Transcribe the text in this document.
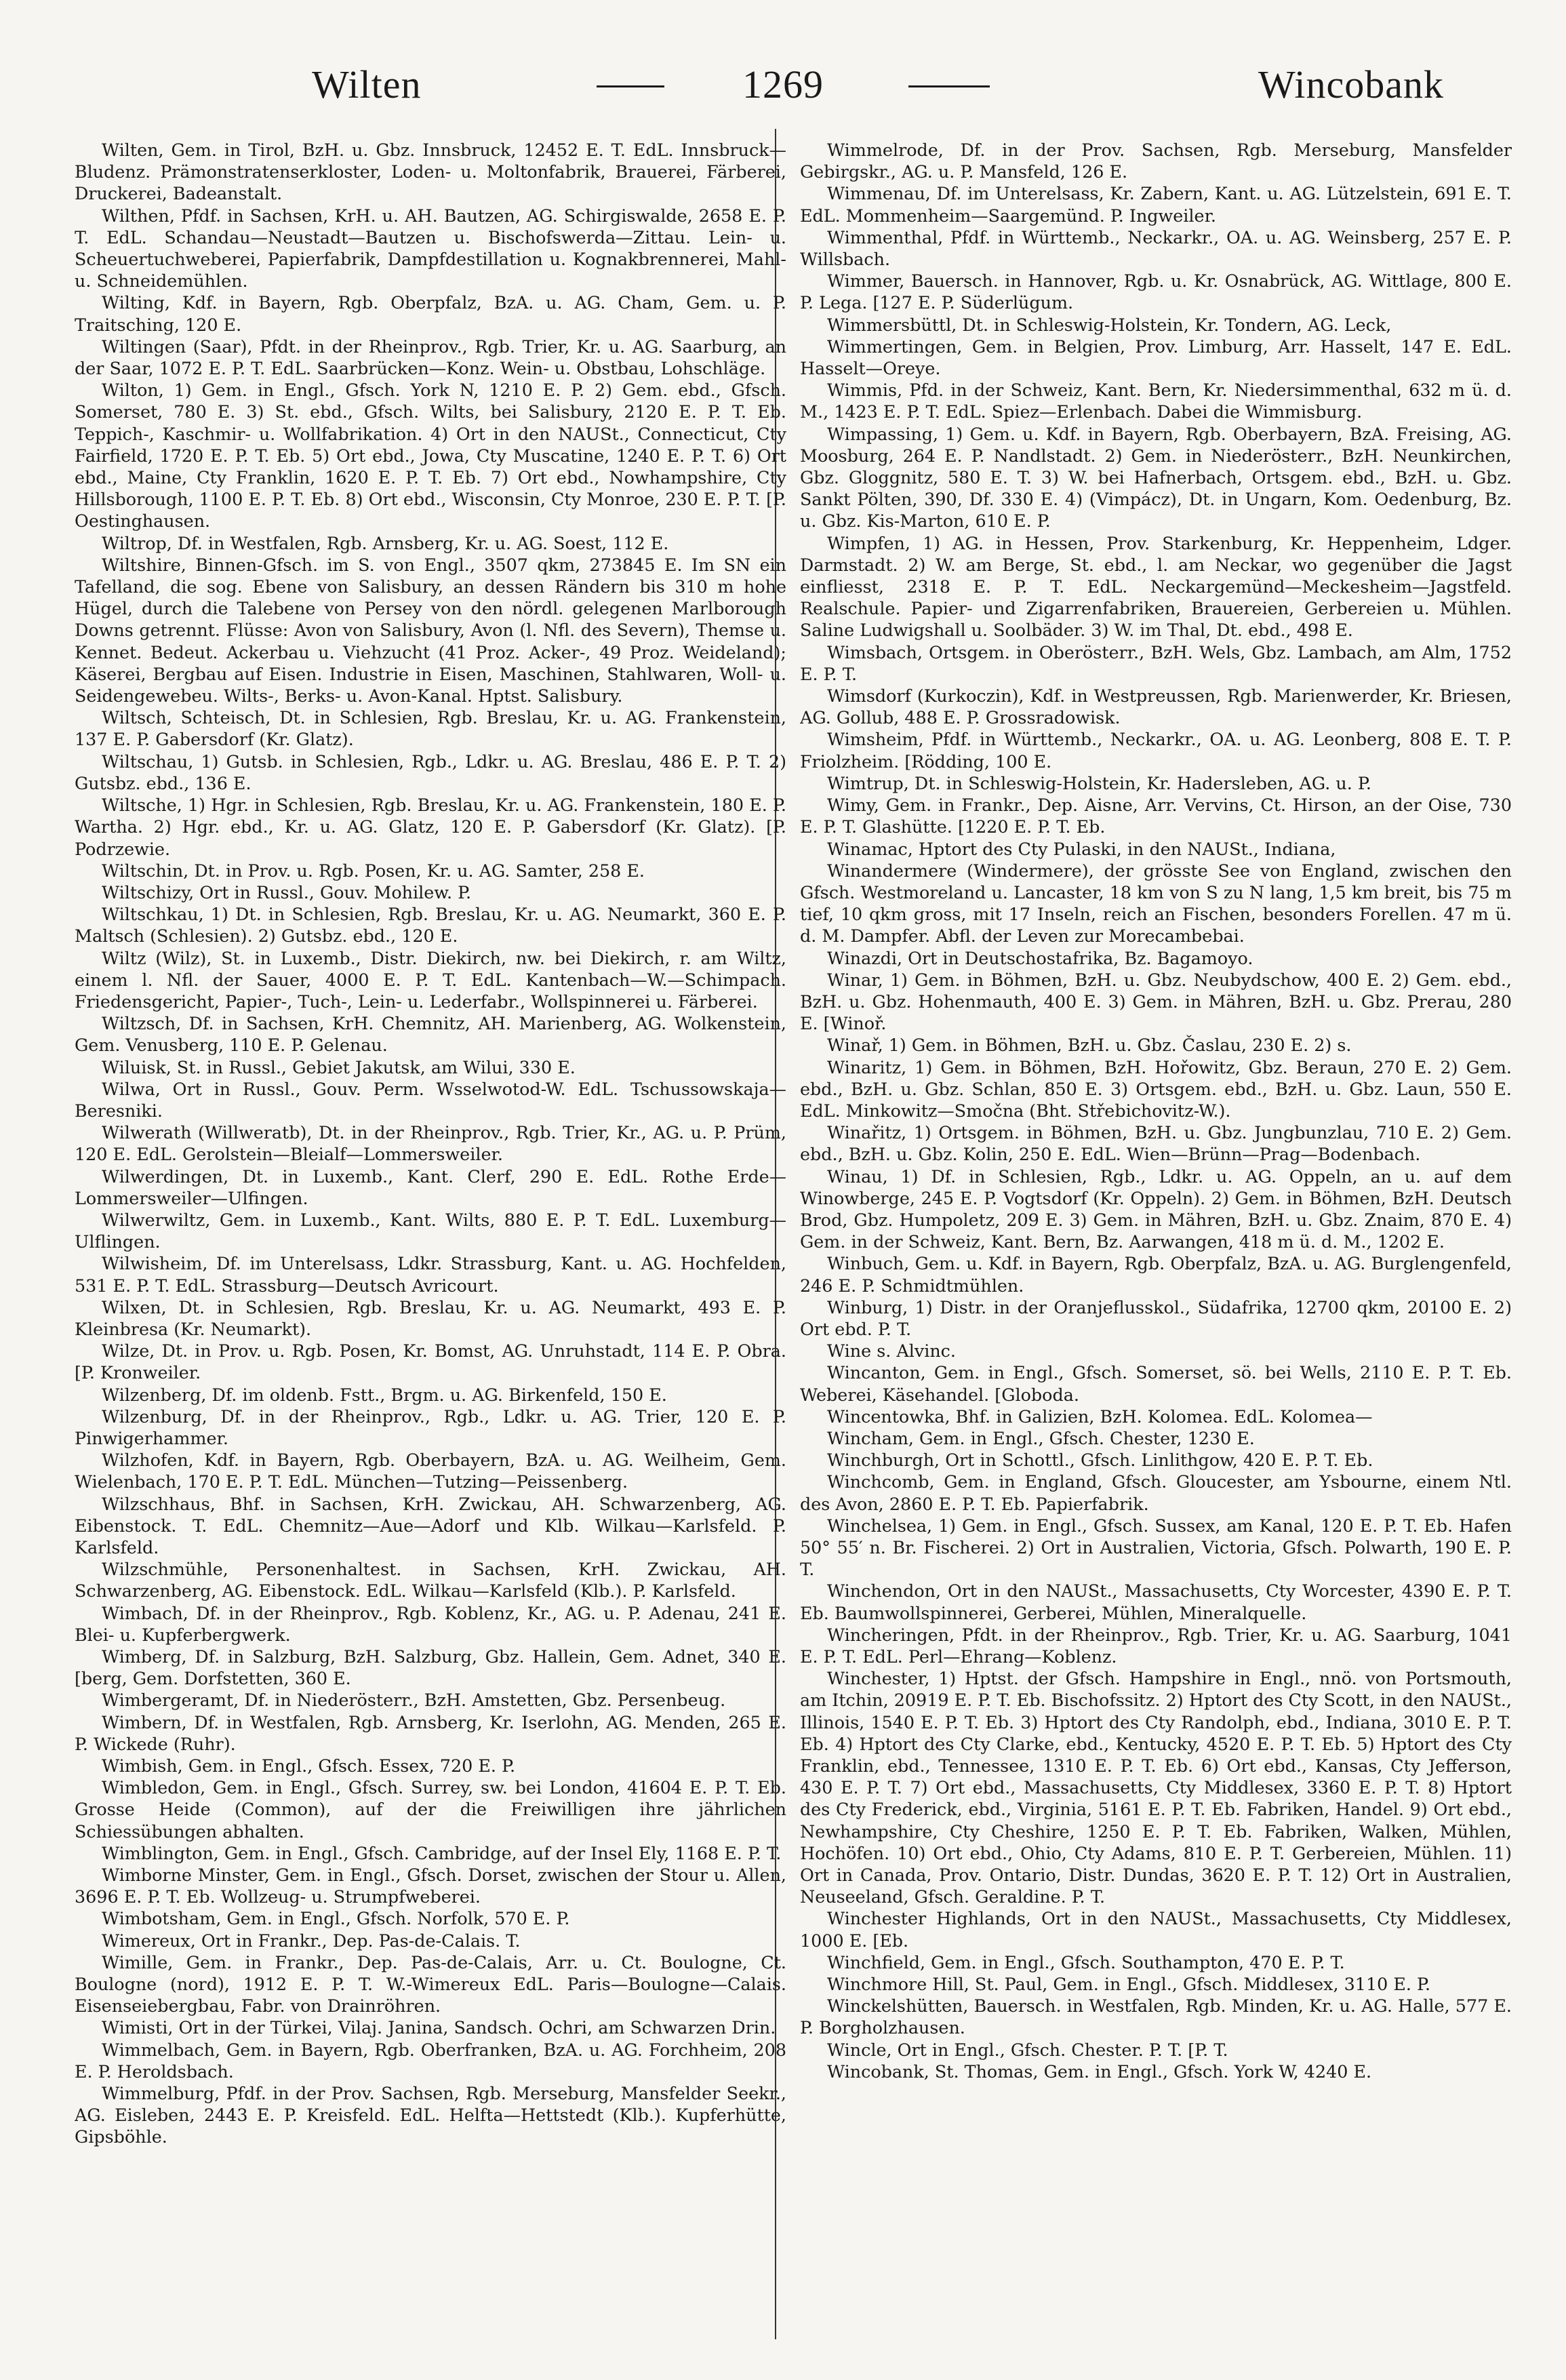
Wilten	1269	Wincobank

Wilten, Gem. in Tirol, BzH. u. Gbz. Innsbruck, 12452 E. T. EdL. Innsbruck—Bludenz. Prämonstratenserkloster, Loden- u. Moltonfabrik, Brauerei, Färberei, Druckerei, Badeanstalt.

Wilthen, Pfdf. in Sachsen, KrH. u. AH. Bautzen, AG. Schirgiswalde, 2658 E. P. T. EdL. Schandau—Neustadt—Bautzen u. Bischofswerda—Zittau. Lein- u. Scheuertuchweberei, Papierfabrik, Dampfdestillation u. Kognakbrennerei, Mahl- u. Schneidemühlen.

Wilting, Kdf. in Bayern, Rgb. Oberpfalz, BzA. u. AG. Cham, Gem. u. P. Traitsching, 120 E.

Wiltingen (Saar), Pfdt. in der Rheinprov., Rgb. Trier, Kr. u. AG. Saarburg, an der Saar, 1072 E. P. T. EdL. Saarbrücken—Konz. Wein- u. Obstbau, Lohschläge.

Wilton, 1) Gem. in Engl., Gfsch. York N, 1210 E. P. 2) Gem. ebd., Gfsch. Somerset, 780 E. 3) St. ebd., Gfsch. Wilts, bei Salisbury, 2120 E. P. T. Eb. Teppich-, Kaschmir- u. Wollfabrikation. 4) Ort in den NAUSt., Connecticut, Cty Fairfield, 1720 E. P. T. Eb. 5) Ort ebd., Jowa, Cty Muscatine, 1240 E. P. T. 6) Ort ebd., Maine, Cty Franklin, 1620 E. P. T. Eb. 7) Ort ebd., Nowhampshire, Cty Hillsborough, 1100 E. P. T. Eb. 8) Ort ebd., Wisconsin, Cty Monroe, 230 E. P. T. [P. Oestinghausen.

Wiltrop, Df. in Westfalen, Rgb. Arnsberg, Kr. u. AG. Soest, 112 E.

Wiltshire, Binnen-Gfsch. im S. von Engl., 3507 qkm, 273845 E. Im SN ein Tafelland, die sog. Ebene von Salisbury, an dessen Rändern bis 310 m hohe Hügel, durch die Talebene von Persey von den nördl. gelegenen Marlborough Downs getrennt. Flüsse: Avon von Salisbury, Avon (l. Nfl. des Severn), Themse u. Kennet. Bedeut. Ackerbau u. Viehzucht (41 Proz. Acker-, 49 Proz. Weideland); Käserei, Bergbau auf Eisen. Industrie in Eisen, Maschinen, Stahlwaren, Woll- u. Seidengewebeu. Wilts-, Berks- u. Avon-Kanal. Hptst. Salisbury.

Wiltsch, Schteisch, Dt. in Schlesien, Rgb. Breslau, Kr. u. AG. Frankenstein, 137 E. P. Gabersdorf (Kr. Glatz).

Wiltschau, 1) Gutsb. in Schlesien, Rgb., Ldkr. u. AG. Breslau, 486 E. P. T. 2) Gutsbz. ebd., 136 E.

Wiltsche, 1) Hgr. in Schlesien, Rgb. Breslau, Kr. u. AG. Frankenstein, 180 E. P. Wartha. 2) Hgr. ebd., Kr. u. AG. Glatz, 120 E. P. Gabersdorf (Kr. Glatz). [P. Podrzewie.

Wiltschin, Dt. in Prov. u. Rgb. Posen, Kr. u. AG. Samter, 258 E.

Wiltschizy, Ort in Russl., Gouv. Mohilew. P.

Wiltschkau, 1) Dt. in Schlesien, Rgb. Breslau, Kr. u. AG. Neumarkt, 360 E. P. Maltsch (Schlesien). 2) Gutsbz. ebd., 120 E.

Wiltz (Wilz), St. in Luxemb., Distr. Diekirch, nw. bei Diekirch, r. am Wiltz, einem l. Nfl. der Sauer, 4000 E. P. T. EdL. Kantenbach—W.—Schimpach. Friedensgericht, Papier-, Tuch-, Lein- u. Lederfabr., Wollspinnerei u. Färberei.

Wiltzsch, Df. in Sachsen, KrH. Chemnitz, AH. Marienberg, AG. Wolkenstein, Gem. Venusberg, 110 E. P. Gelenau.

Wiluisk, St. in Russl., Gebiet Jakutsk, am Wilui, 330 E.

Wilwa, Ort in Russl., Gouv. Perm. Wsselwotod-W. EdL. Tschussowskaja—Beresniki.

Wilwerath (Willweratb), Dt. in der Rheinprov., Rgb. Trier, Kr., AG. u. P. Prüm, 120 E. EdL. Gerolstein—Bleialf—Lommersweiler.

Wilwerdingen, Dt. in Luxemb., Kant. Clerf, 290 E. EdL. Rothe Erde—Lommersweiler—Ulfingen.

Wilwerwiltz, Gem. in Luxemb., Kant. Wilts, 880 E. P. T. EdL. Luxemburg—Ulflingen.

Wilwisheim, Df. im Unterelsass, Ldkr. Strassburg, Kant. u. AG. Hochfelden, 531 E. P. T. EdL. Strassburg—Deutsch Avricourt.

Wilxen, Dt. in Schlesien, Rgb. Breslau, Kr. u. AG. Neumarkt, 493 E. P. Kleinbresa (Kr. Neumarkt).

Wilze, Dt. in Prov. u. Rgb. Posen, Kr. Bomst, AG. Unruhstadt, 114 E. P. Obra. [P. Kronweiler.

Wilzenberg, Df. im oldenb. Fstt., Brgm. u. AG. Birkenfeld, 150 E.

Wilzenburg, Df. in der Rheinprov., Rgb., Ldkr. u. AG. Trier, 120 E. P. Pinwigerhammer.

Wilzhofen, Kdf. in Bayern, Rgb. Oberbayern, BzA. u. AG. Weilheim, Gem. Wielenbach, 170 E. P. T. EdL. München—Tutzing—Peissenberg.

Wilzschhaus, Bhf. in Sachsen, KrH. Zwickau, AH. Schwarzenberg, AG. Eibenstock. T. EdL. Chemnitz—Aue—Adorf und Klb. Wilkau—Karlsfeld. P. Karlsfeld.

Wilzschmühle, Personenhaltest. in Sachsen, KrH. Zwickau, AH. Schwarzenberg, AG. Eibenstock. EdL. Wilkau—Karlsfeld (Klb.). P. Karlsfeld.

Wimbach, Df. in der Rheinprov., Rgb. Koblenz, Kr., AG. u. P. Adenau, 241 E. Blei- u. Kupferbergwerk.

Wimberg, Df. in Salzburg, BzH. Salzburg, Gbz. Hallein, Gem. Adnet, 340 E. [berg, Gem. Dorfstetten, 360 E.

Wimbergeramt, Df. in Niederösterr., BzH. Amstetten, Gbz. Persenbeug.

Wimbern, Df. in Westfalen, Rgb. Arnsberg, Kr. Iserlohn, AG. Menden, 265 E. P. Wickede (Ruhr).

Wimbish, Gem. in Engl., Gfsch. Essex, 720 E. P.

Wimbledon, Gem. in Engl., Gfsch. Surrey, sw. bei London, 41604 E. P. T. Eb. Grosse Heide (Common), auf der die Freiwilligen ihre jährlichen Schiessübungen abhalten.

Wimblington, Gem. in Engl., Gfsch. Cambridge, auf der Insel Ely, 1168 E. P. T.

Wimborne Minster, Gem. in Engl., Gfsch. Dorset, zwischen der Stour u. Allen, 3696 E. P. T. Eb. Wollzeug- u. Strumpfweberei.

Wimbotsham, Gem. in Engl., Gfsch. Norfolk, 570 E. P.

Wimereux, Ort in Frankr., Dep. Pas-de-Calais. T.

Wimille, Gem. in Frankr., Dep. Pas-de-Calais, Arr. u. Ct. Boulogne, Ct. Boulogne (nord), 1912 E. P. T. W.-Wimereux EdL. Paris—Boulogne—Calais. Eisenseiebergbau, Fabr. von Drainröhren.

Wimisti, Ort in der Türkei, Vilaj. Janina, Sandsch. Ochri, am Schwarzen Drin.

Wimmelbach, Gem. in Bayern, Rgb. Oberfranken, BzA. u. AG. Forchheim, 208 E. P. Heroldsbach.

Wimmelburg, Pfdf. in der Prov. Sachsen, Rgb. Merseburg, Mansfelder Seekr., AG. Eisleben, 2443 E. P. Kreisfeld. EdL. Helfta—Hettstedt (Klb.). Kupferhütte, Gipsböhle.

Wimmelrode, Df. in der Prov. Sachsen, Rgb. Merseburg, Mansfelder Gebirgskr., AG. u. P. Mansfeld, 126 E.

Wimmenau, Df. im Unterelsass, Kr. Zabern, Kant. u. AG. Lützelstein, 691 E. T. EdL. Mommenheim—Saargemünd. P. Ingweiler.

Wimmenthal, Pfdf. in Württemb., Neckarkr., OA. u. AG. Weinsberg, 257 E. P. Willsbach.

Wimmer, Bauersch. in Hannover, Rgb. u. Kr. Osnabrück, AG. Wittlage, 800 E. P. Lega. [127 E. P. Süderlügum.

Wimmersbüttl, Dt. in Schleswig-Holstein, Kr. Tondern, AG. Leck,

Wimmertingen, Gem. in Belgien, Prov. Limburg, Arr. Hasselt, 147 E. EdL. Hasselt—Oreye.

Wimmis, Pfd. in der Schweiz, Kant. Bern, Kr. Niedersimmenthal, 632 m ü. d. M., 1423 E. P. T. EdL. Spiez—Erlenbach. Dabei die Wimmisburg.

Wimpassing, 1) Gem. u. Kdf. in Bayern, Rgb. Oberbayern, BzA. Freising, AG. Moosburg, 264 E. P. Nandlstadt. 2) Gem. in Niederösterr., BzH. Neunkirchen, Gbz. Gloggnitz, 580 E. T. 3) W. bei Hafnerbach, Ortsgem. ebd., BzH. u. Gbz. Sankt Pölten, 390, Df. 330 E. 4) (Vimpácz), Dt. in Ungarn, Kom. Oedenburg, Bz. u. Gbz. Kis-Marton, 610 E. P.

Wimpfen, 1) AG. in Hessen, Prov. Starkenburg, Kr. Heppenheim, Ldger. Darmstadt. 2) W. am Berge, St. ebd., l. am Neckar, wo gegenüber die Jagst einfliesst, 2318 E. P. T. EdL. Neckargemünd—Meckesheim—Jagstfeld. Realschule. Papier- und Zigarrenfabriken, Brauereien, Gerbereien u. Mühlen. Saline Ludwigshall u. Soolbäder. 3) W. im Thal, Dt. ebd., 498 E.

Wimsbach, Ortsgem. in Oberösterr., BzH. Wels, Gbz. Lambach, am Alm, 1752 E. P. T.

Wimsdorf (Kurkoczin), Kdf. in Westpreussen, Rgb. Marienwerder, Kr. Briesen, AG. Gollub, 488 E. P. Grossradowisk.

Wimsheim, Pfdf. in Württemb., Neckarkr., OA. u. AG. Leonberg, 808 E. T. P. Friolzheim. [Rödding, 100 E.

Wimtrup, Dt. in Schleswig-Holstein, Kr. Hadersleben, AG. u. P.

Wimy, Gem. in Frankr., Dep. Aisne, Arr. Vervins, Ct. Hirson, an der Oise, 730 E. P. T. Glashütte. [1220 E. P. T. Eb.

Winamac, Hptort des Cty Pulaski, in den NAUSt., Indiana,

Winandermere (Windermere), der grösste See von England, zwischen den Gfsch. Westmoreland u. Lancaster, 18 km von S zu N lang, 1,5 km breit, bis 75 m tief, 10 qkm gross, mit 17 Inseln, reich an Fischen, besonders Forellen. 47 m ü. d. M. Dampfer. Abfl. der Leven zur Morecambebai.

Winazdi, Ort in Deutschostafrika, Bz. Bagamoyo.

Winar, 1) Gem. in Böhmen, BzH. u. Gbz. Neubydschow, 400 E. 2) Gem. ebd., BzH. u. Gbz. Hohenmauth, 400 E. 3) Gem. in Mähren, BzH. u. Gbz. Prerau, 280 E. [Winoř.

Winař, 1) Gem. in Böhmen, BzH. u. Gbz. Časlau, 230 E. 2) s.

Winaritz, 1) Gem. in Böhmen, BzH. Hořowitz, Gbz. Beraun, 270 E. 2) Gem. ebd., BzH. u. Gbz. Schlan, 850 E. 3) Ortsgem. ebd., BzH. u. Gbz. Laun, 550 E. EdL. Minkowitz—Smočna (Bht. Střebichovitz-W.).

Winařitz, 1) Ortsgem. in Böhmen, BzH. u. Gbz. Jungbunzlau, 710 E. 2) Gem. ebd., BzH. u. Gbz. Kolin, 250 E. EdL. Wien—Brünn—Prag—Bodenbach.

Winau, 1) Df. in Schlesien, Rgb., Ldkr. u. AG. Oppeln, an u. auf dem Winowberge, 245 E. P. Vogtsdorf (Kr. Oppeln). 2) Gem. in Böhmen, BzH. Deutsch Brod, Gbz. Humpoletz, 209 E. 3) Gem. in Mähren, BzH. u. Gbz. Znaim, 870 E. 4) Gem. in der Schweiz, Kant. Bern, Bz. Aarwangen, 418 m ü. d. M., 1202 E.

Winbuch, Gem. u. Kdf. in Bayern, Rgb. Oberpfalz, BzA. u. AG. Burglengenfeld, 246 E. P. Schmidtmühlen.

Winburg, 1) Distr. in der Oranjeflusskol., Südafrika, 12700 qkm, 20100 E. 2) Ort ebd. P. T.

Wine s. Alvinc.

Wincanton, Gem. in Engl., Gfsch. Somerset, sö. bei Wells, 2110 E. P. T. Eb. Weberei, Käsehandel. [Globoda.

Wincentowka, Bhf. in Galizien, BzH. Kolomea. EdL. Kolomea—

Wincham, Gem. in Engl., Gfsch. Chester, 1230 E.

Winchburgh, Ort in Schottl., Gfsch. Linlithgow, 420 E. P. T. Eb.

Winchcomb, Gem. in England, Gfsch. Gloucester, am Ysbourne, einem Ntl. des Avon, 2860 E. P. T. Eb. Papierfabrik.

Winchelsea, 1) Gem. in Engl., Gfsch. Sussex, am Kanal, 120 E. P. T. Eb. Hafen 50° 55′ n. Br. Fischerei. 2) Ort in Australien, Victoria, Gfsch. Polwarth, 190 E. P. T.

Winchendon, Ort in den NAUSt., Massachusetts, Cty Worcester, 4390 E. P. T. Eb. Baumwollspinnerei, Gerberei, Mühlen, Mineralquelle.

Wincheringen, Pfdt. in der Rheinprov., Rgb. Trier, Kr. u. AG. Saarburg, 1041 E. P. T. EdL. Perl—Ehrang—Koblenz.

Winchester, 1) Hptst. der Gfsch. Hampshire in Engl., nnö. von Portsmouth, am Itchin, 20919 E. P. T. Eb. Bischofssitz. 2) Hptort des Cty Scott, in den NAUSt., Illinois, 1540 E. P. T. Eb. 3) Hptort des Cty Randolph, ebd., Indiana, 3010 E. P. T. Eb. 4) Hptort des Cty Clarke, ebd., Kentucky, 4520 E. P. T. Eb. 5) Hptort des Cty Franklin, ebd., Tennessee, 1310 E. P. T. Eb. 6) Ort ebd., Kansas, Cty Jefferson, 430 E. P. T. 7) Ort ebd., Massachusetts, Cty Middlesex, 3360 E. P. T. 8) Hptort des Cty Frederick, ebd., Virginia, 5161 E. P. T. Eb. Fabriken, Handel. 9) Ort ebd., Newhampshire, Cty Cheshire, 1250 E. P. T. Eb. Fabriken, Walken, Mühlen, Hochöfen. 10) Ort ebd., Ohio, Cty Adams, 810 E. P. T. Gerbereien, Mühlen. 11) Ort in Canada, Prov. Ontario, Distr. Dundas, 3620 E. P. T. 12) Ort in Australien, Neuseeland, Gfsch. Geraldine. P. T.

Winchester Highlands, Ort in den NAUSt., Massachusetts, Cty Middlesex, 1000 E. [Eb.

Winchfield, Gem. in Engl., Gfsch. Southampton, 470 E. P. T.

Winchmore Hill, St. Paul, Gem. in Engl., Gfsch. Middlesex, 3110 E. P.

Winckelshütten, Bauersch. in Westfalen, Rgb. Minden, Kr. u. AG. Halle, 577 E. P. Borgholzhausen.

Wincle, Ort in Engl., Gfsch. Chester. P. T. [P. T.

Wincobank, St. Thomas, Gem. in Engl., Gfsch. York W, 4240 E.
